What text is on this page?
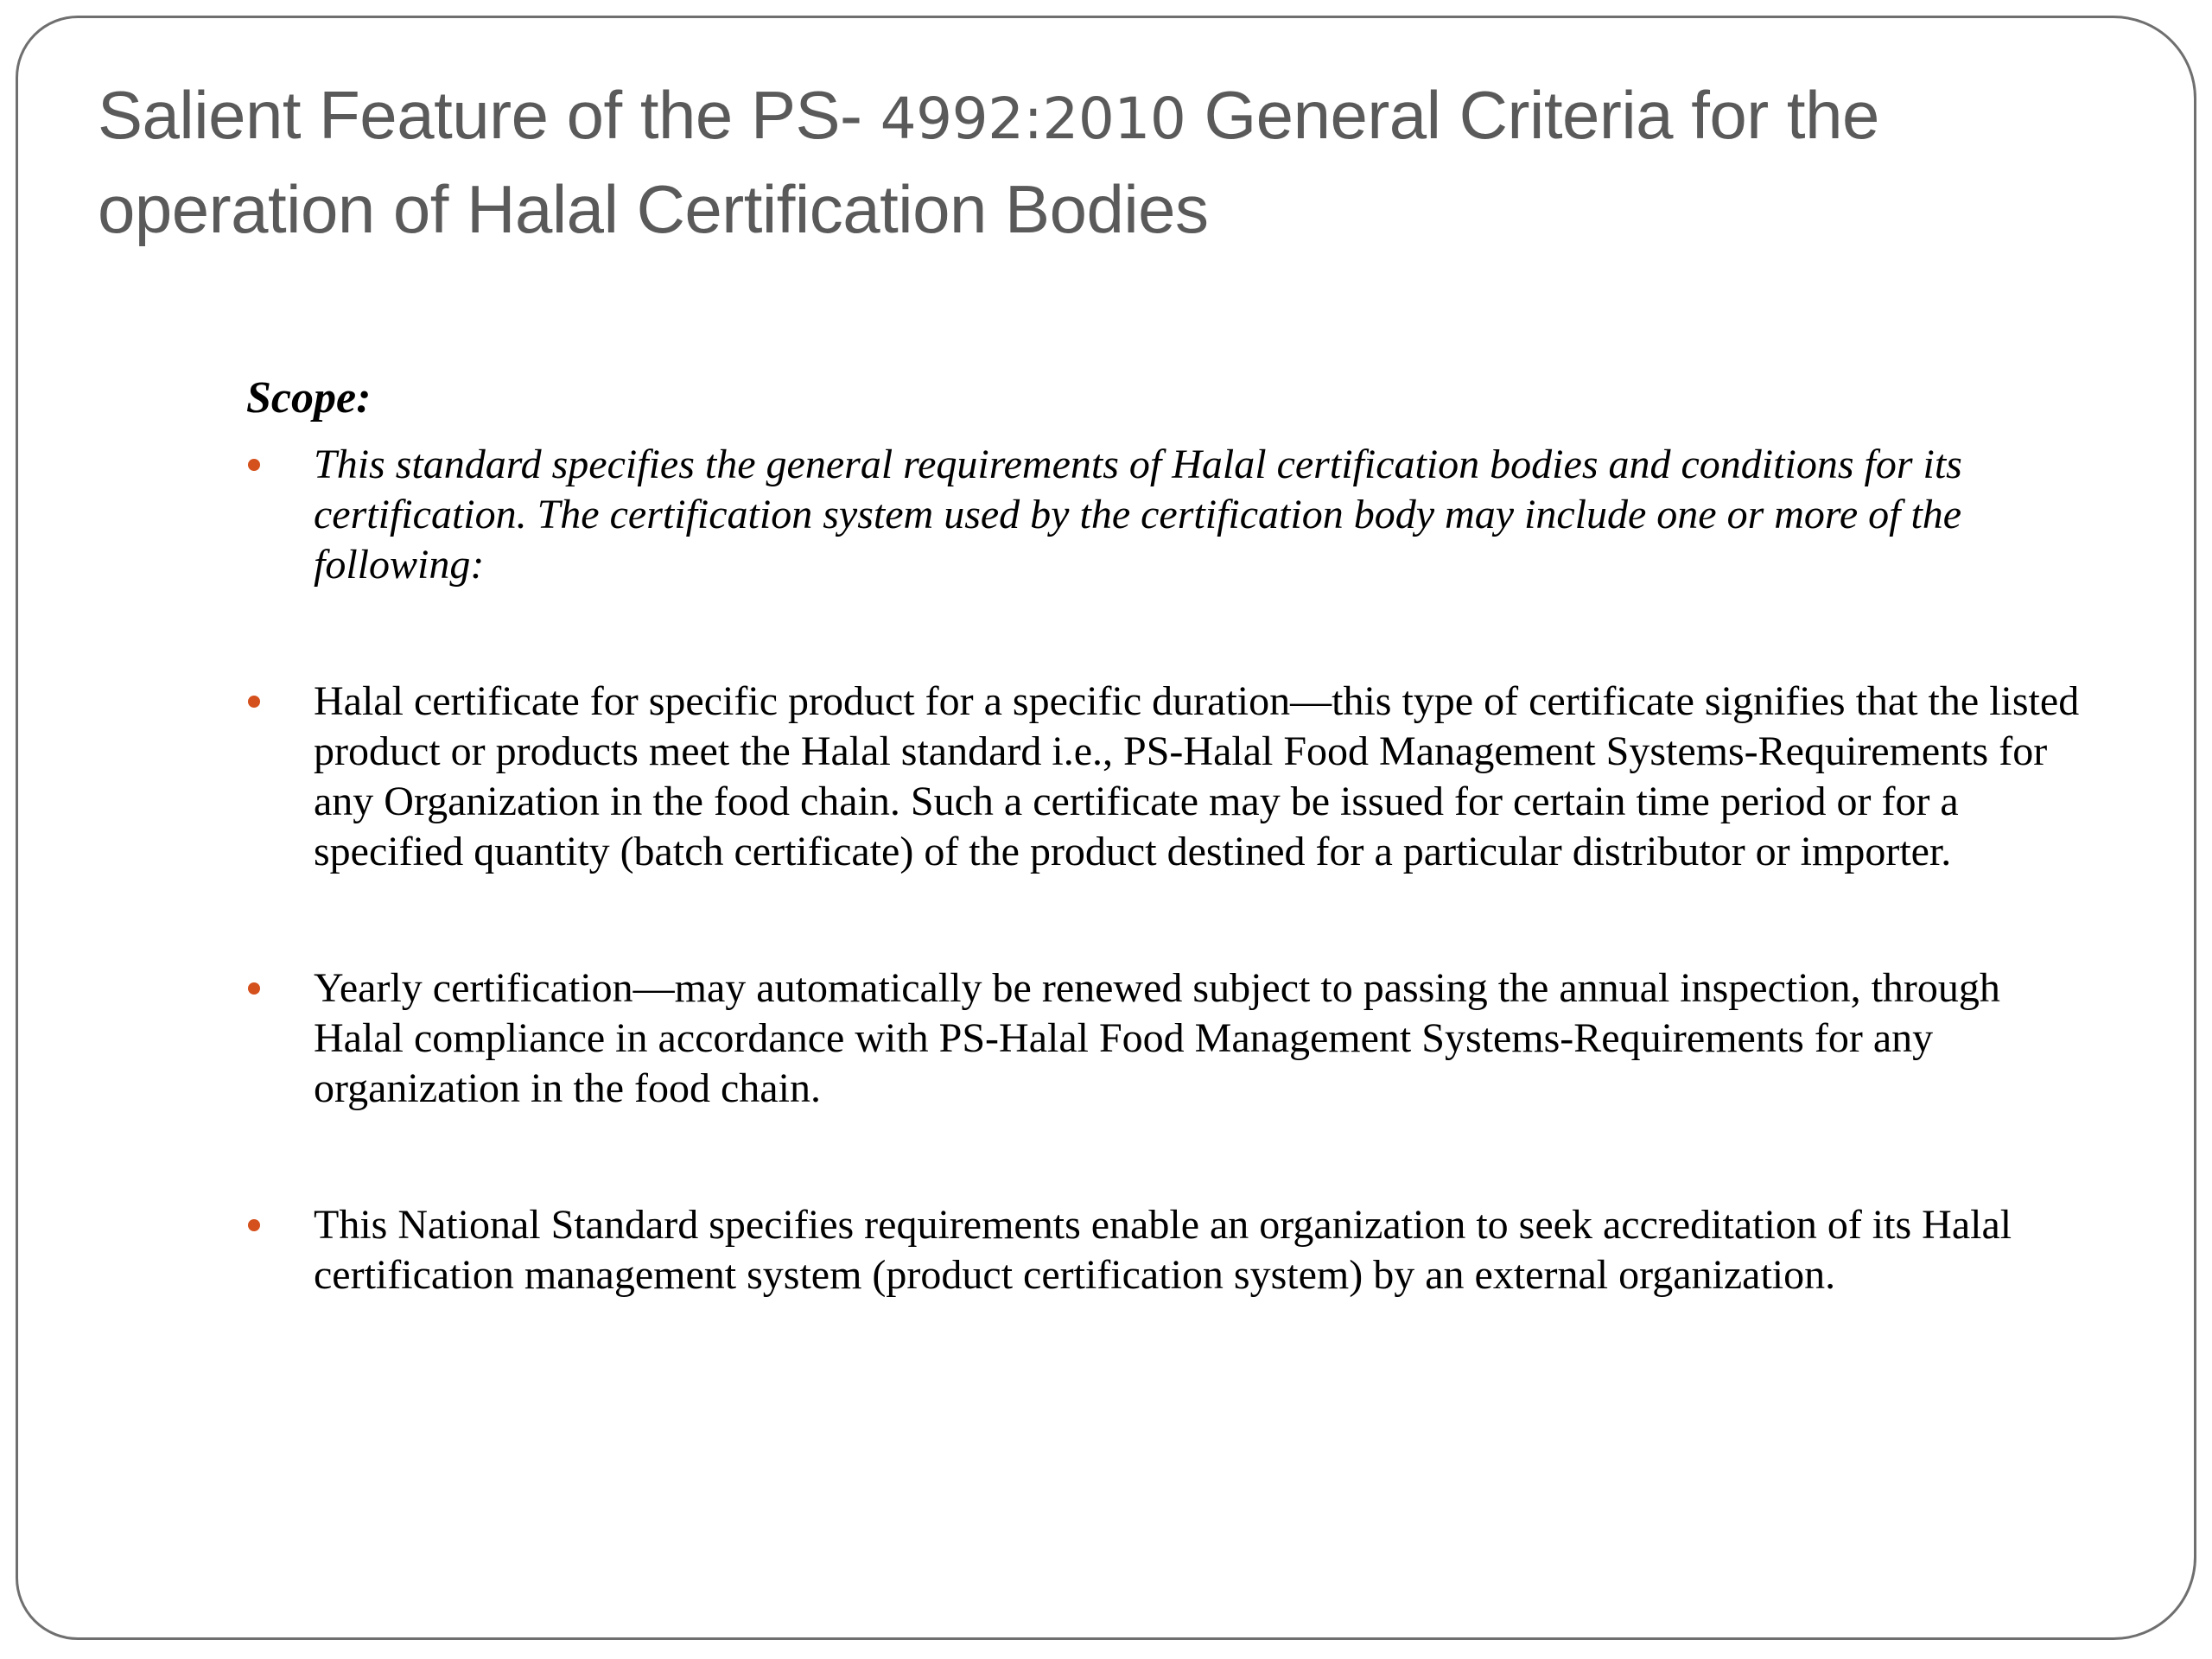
Salient Feature of the PS- 4992:2010 General Criteria for the operation of Halal Certification Bodies

Scope:

This standard specifies the general requirements of Halal certification bodies and conditions for its certification. The certification system used by the certification body may include one or more of the following:
Halal certificate for specific product for a specific duration—this type of certificate signifies that the listed product or products meet the Halal standard i.e., PS-Halal Food Management Systems-Requirements for any Organization in the food chain. Such a certificate may be issued for certain time period or for a specified quantity (batch certificate) of the product destined for a particular distributor or importer.
Yearly certification—may automatically be renewed subject to passing the annual inspection, through Halal compliance in accordance with PS-Halal Food Management Systems-Requirements for any organization in the food chain.
This National Standard specifies requirements enable an organization to seek accreditation of its Halal certification management system (product certification system) by an external organization.
